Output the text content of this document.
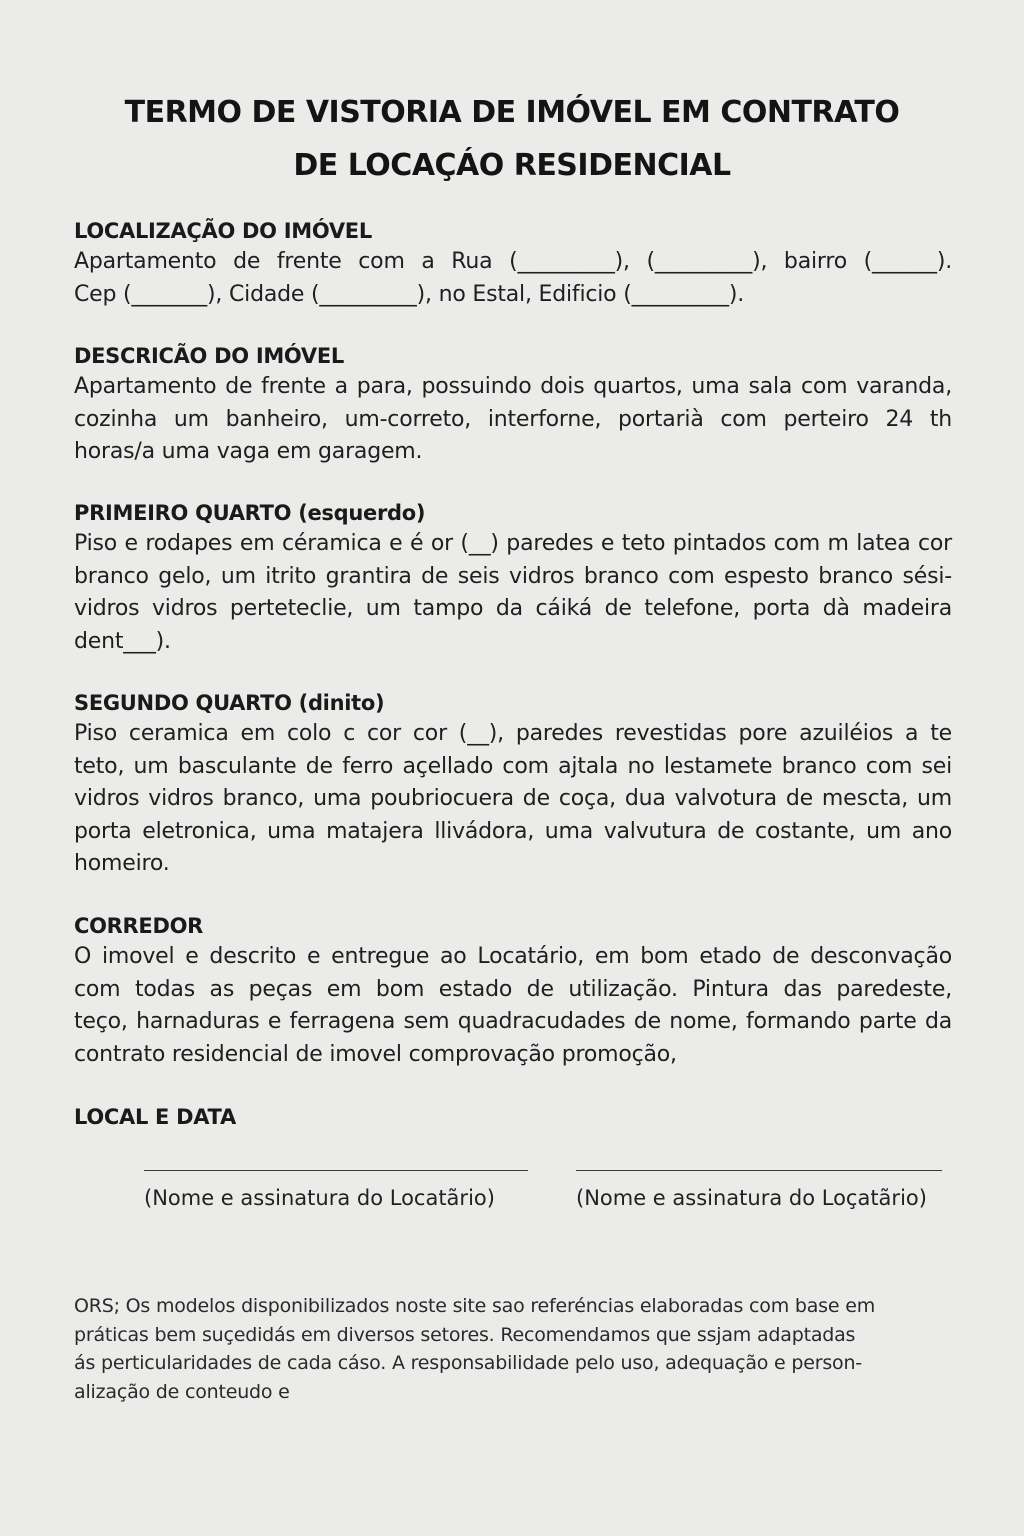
TERMO DE VISTORIA DE IMÓVEL EM CONTRATO
DE LOCAÇÁO RESIDENCIAL

LOCALIZAÇÃO DO IMÓVEL

Apartamento de frente com a Rua (_________), (_________), bairro (______).
Cep (_______), Cidade (_________), no Estal, Edificio (_________).

DESCRICÃO DO IMÓVEL

Apartamento de frente a para, possuindo dois quartos, uma sala com varanda,
cozinha um banheiro, um-correto, interforne, portarià com perteiro 24 th
horas/a uma vaga em garagem.

PRIMEIRO QUARTO (esquerdo)

Piso e rodapes em céramica e é or (__) paredes e teto pintados com m latea cor
branco gelo, um itrito grantira de seis vidros branco com espesto branco sési-
vidros vidros perteteclie, um tampo da cáiká de telefone, porta dà madeira
dent___).

SEGUNDO QUARTO (dinito)

Piso ceramica em colo c cor cor (__), paredes revestidas pore azuiléios a te
teto, um basculante de ferro açellado com ajtala no lestamete branco com sei
vidros vidros branco, uma poubriocuera de coça, dua valvotura de mescta, um
porta eletronica, uma matajera llivádora, uma valvutura de costante, um ano
homeiro.

CORREDOR

O imovel e descrito e entregue ao Locatário, em bom etado de desconvação
com todas as peças em bom estado de utilização. Pintura das paredeste,
teço, harnaduras e ferragena sem quadracudades de nome, formando parte da
contrato residencial de imovel comprovação promoção,

LOCAL E DATA

(Nome e assinatura do Locatãrio)	(Nome e assinatura do Loçatãrio)
ORS; Os modelos disponibilizados noste site sao referéncias elaboradas com base em
práticas bem suçedidás em diversos setores. Recomendamos que ssjam adaptadas
ás perticularidades de cada cáso. A responsabilidade pelo uso, adequação e person-
alização de conteudo e
